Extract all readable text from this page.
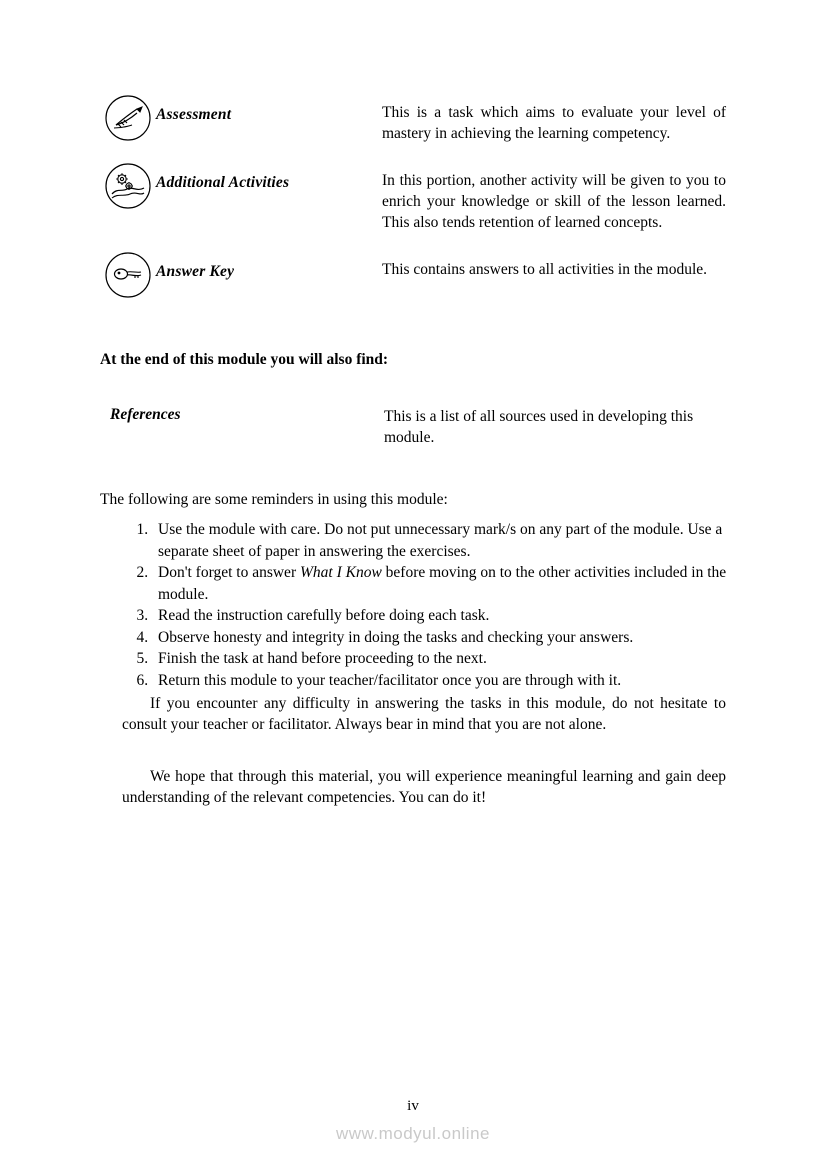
Assessment	This is a task which aims to evaluate your level of mastery in achieving the learning competency.
Additional Activities	In this portion, another activity will be given to you to enrich your knowledge or skill of the lesson learned. This also tends retention of learned concepts.
Answer Key	This contains answers to all activities in the module.
At the end of this module you will also find:
References	This is a list of all sources used in developing this module.
The following are some reminders in using this module:
1. Use the module with care. Do not put unnecessary mark/s on any part of the module. Use a separate sheet of paper in answering the exercises.
2. Don't forget to answer What I Know before moving on to the other activities included in the module.
3. Read the instruction carefully before doing each task.
4. Observe honesty and integrity in doing the tasks and checking your answers.
5. Finish the task at hand before proceeding to the next.
6. Return this module to your teacher/facilitator once you are through with it.
If you encounter any difficulty in answering the tasks in this module, do not hesitate to consult your teacher or facilitator. Always bear in mind that you are not alone.
We hope that through this material, you will experience meaningful learning and gain deep understanding of the relevant competencies. You can do it!
iv
www.modyul.online
